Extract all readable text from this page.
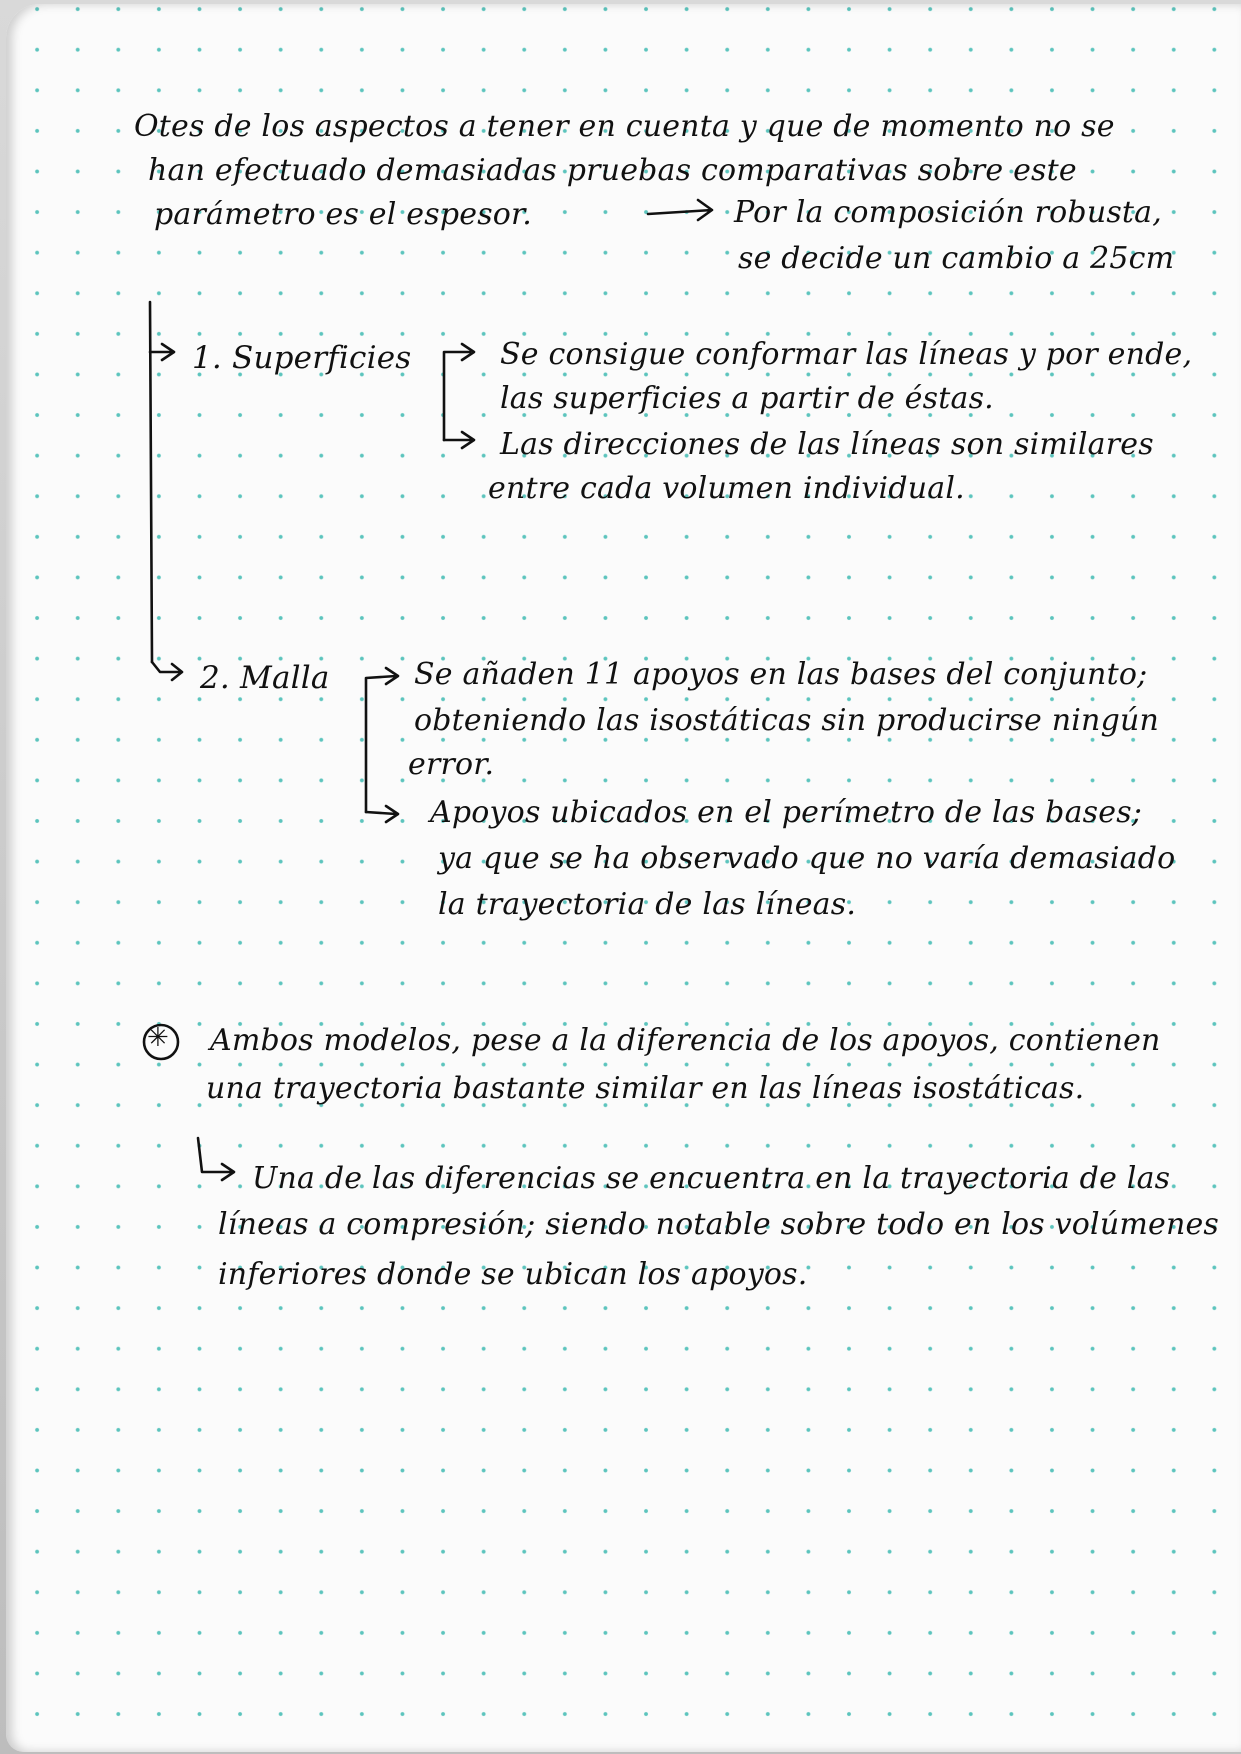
Otes de los aspectos a tener en cuenta y que de momento no se

han efectuado demasiadas pruebas comparativas sobre este

parámetro es el espesor.	Por la composición robusta,

se decide un cambio a 25cm

1. Superficies	Se consigue conformar las líneas y por ende,

las superficies a partir de éstas.

Las direcciones de las líneas son similares

entre cada volumen individual.

2. Malla	Se añaden 11 apoyos en las bases del conjunto;

obteniendo las isostáticas sin producirse ningún

error.

Apoyos ubicados en el perímetro de las bases;

ya que se ha observado que no varía demasiado

la trayectoria de las líneas.

✳ Ambos modelos, pese a la diferencia de los apoyos, contienen

una trayectoria bastante similar en las líneas isostáticas.

Una de las diferencias se encuentra en la trayectoria de las

líneas a compresión; siendo notable sobre todo en los volúmenes

inferiores donde se ubican los apoyos.
